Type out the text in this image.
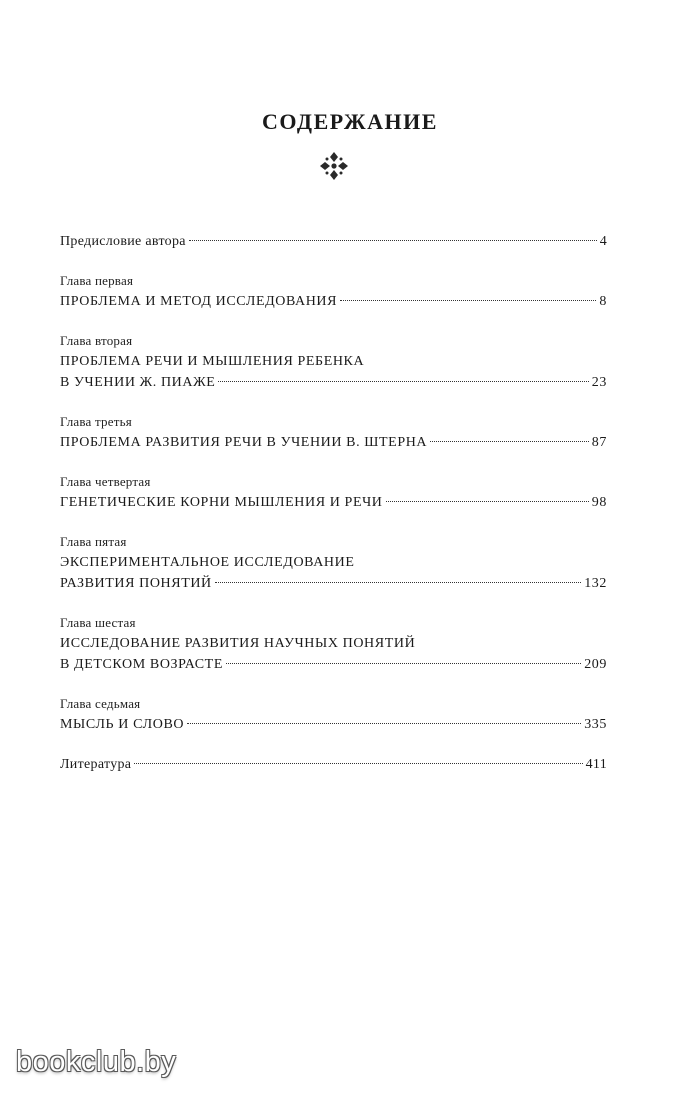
СОДЕРЖАНИЕ
Предисловие автора	4
Глава первая
ПРОБЛЕМА И МЕТОД ИССЛЕДОВАНИЯ	8
Глава вторая
ПРОБЛЕМА РЕЧИ И МЫШЛЕНИЯ РЕБЕНКА
В УЧЕНИИ Ж. ПИАЖЕ	23
Глава третья
ПРОБЛЕМА РАЗВИТИЯ РЕЧИ В УЧЕНИИ В. ШТЕРНА	87
Глава четвертая
ГЕНЕТИЧЕСКИЕ КОРНИ МЫШЛЕНИЯ И РЕЧИ	98
Глава пятая
ЭКСПЕРИМЕНТАЛЬНОЕ ИССЛЕДОВАНИЕ
РАЗВИТИЯ ПОНЯТИЙ	132
Глава шестая
ИССЛЕДОВАНИЕ РАЗВИТИЯ НАУЧНЫХ ПОНЯТИЙ
В ДЕТСКОМ ВОЗРАСТЕ	209
Глава седьмая
МЫСЛЬ И СЛОВО	335
Литература	411
bookclub.by
